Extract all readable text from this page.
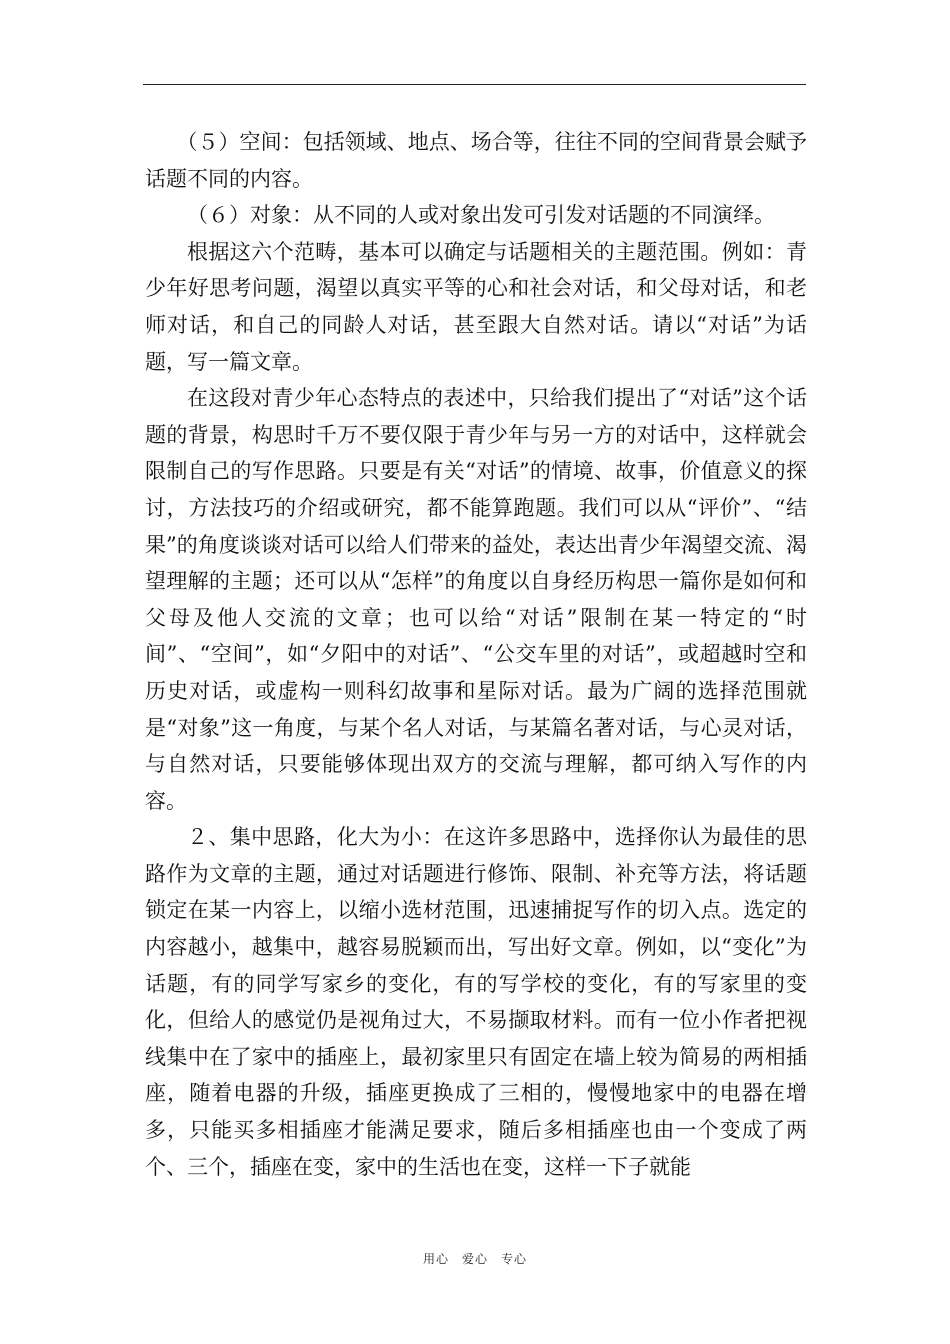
（５）空间：包括领域、地点、场合等，往往不同的空间背景会赋予话题不同的内容。

（６）对象：从不同的人或对象出发可引发对话题的不同演绎。

根据这六个范畴，基本可以确定与话题相关的主题范围。例如：青少年好思考问题，渴望以真实平等的心和社会对话，和父母对话，和老师对话，和自己的同龄人对话，甚至跟大自然对话。请以“对话”为话题，写一篇文章。

在这段对青少年心态特点的表述中，只给我们提出了“对话”这个话题的背景，构思时千万不要仅限于青少年与另一方的对话中，这样就会限制自己的写作思路。只要是有关“对话”的情境、故事，价值意义的探讨，方法技巧的介绍或研究，都不能算跑题。我们可以从“评价”、“结果”的角度谈谈对话可以给人们带来的益处，表达出青少年渴望交流、渴望理解的主题；还可以从“怎样”的角度以自身经历构思一篇你是如何和父母及他人交流的文章；也可以给“对话”限制在某一特定的“时间”、“空间”，如“夕阳中的对话”、“公交车里的对话”，或超越时空和历史对话，或虚构一则科幻故事和星际对话。最为广阔的选择范围就是“对象”这一角度，与某个名人对话，与某篇名著对话，与心灵对话，与自然对话，只要能够体现出双方的交流与理解，都可纳入写作的内容。

２、集中思路，化大为小：在这许多思路中，选择你认为最佳的思路作为文章的主题，通过对话题进行修饰、限制、补充等方法，将话题锁定在某一内容上，以缩小选材范围，迅速捕捉写作的切入点。选定的内容越小，越集中，越容易脱颖而出，写出好文章。例如，以“变化”为话题，有的同学写家乡的变化，有的写学校的变化，有的写家里的变化，但给人的感觉仍是视角过大，不易撷取材料。而有一位小作者把视线集中在了家中的插座上，最初家里只有固定在墙上较为简易的两相插座，随着电器的升级，插座更换成了三相的，慢慢地家中的电器在增多，只能买多相插座才能满足要求，随后多相插座也由一个变成了两个、三个，插座在变，家中的生活也在变，这样一下子就能

用心　爱心　专心
